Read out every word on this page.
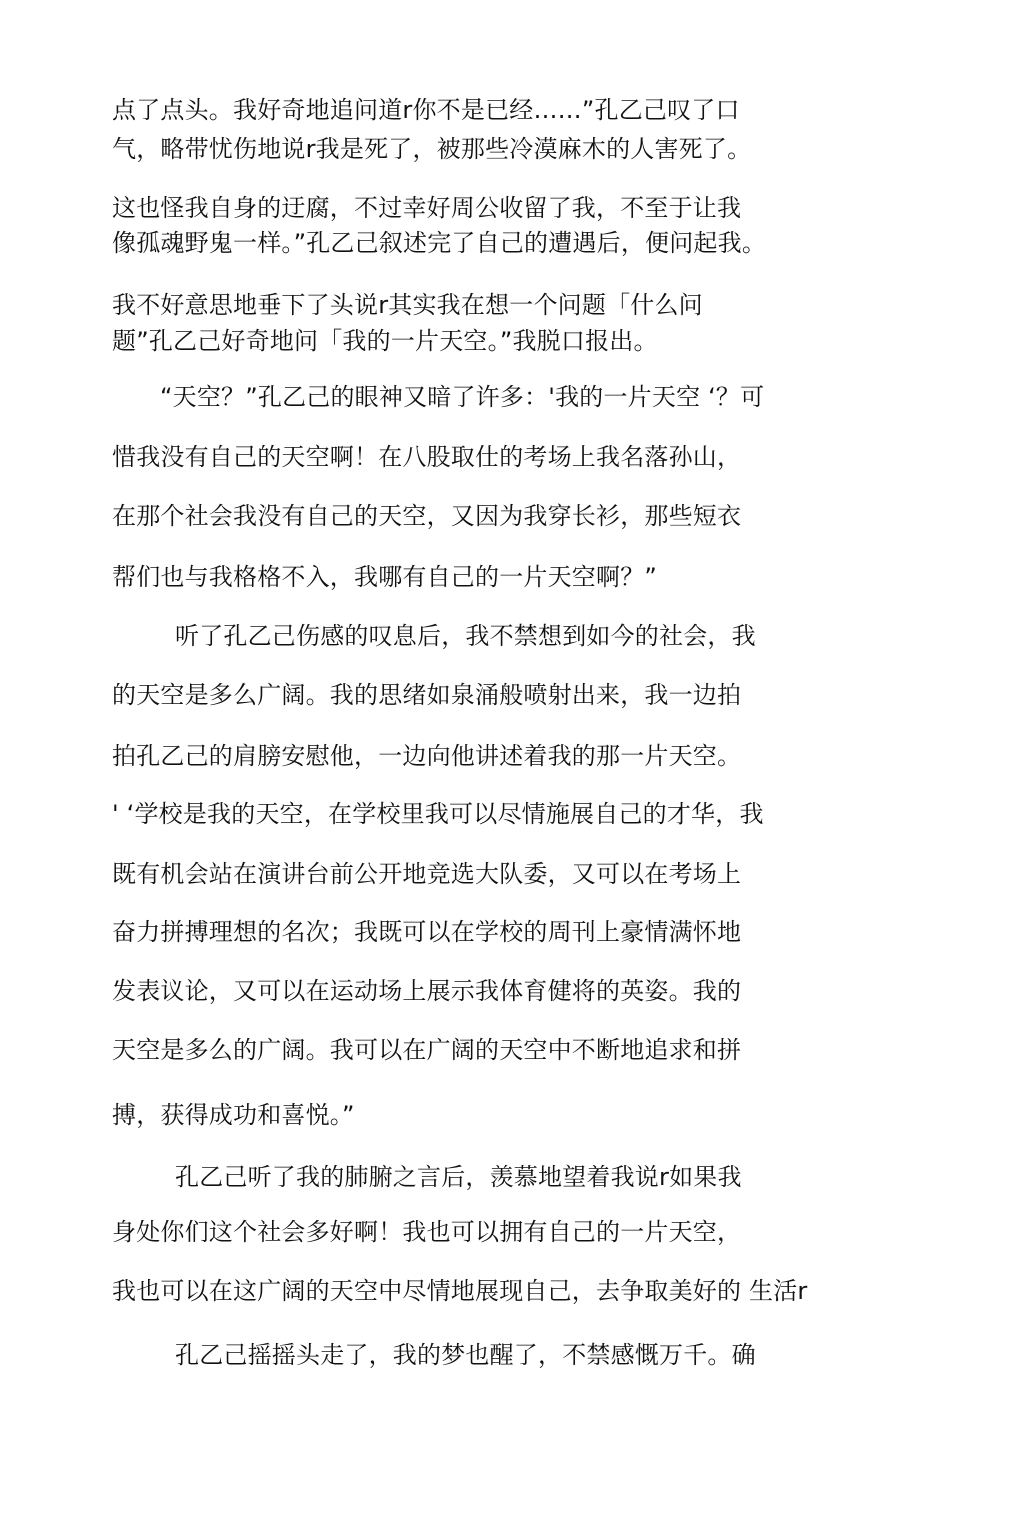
点了点头。我好奇地追问道r你不是已经……”孔乙己叹了口
气，略带忧伤地说r我是死了，被那些冷漠麻木的人害死了。
这也怪我自身的迂腐，不过幸好周公收留了我，不至于让我
像孤魂野鬼一样。”孔乙己叙述完了自己的遭遇后，便问起我。
我不好意思地垂下了头说r其实我在想一个问题「什么问
题”孔乙己好奇地问「我的一片天空。”我脱口报出。
“天空？”孔乙己的眼神又暗了许多：'我的一片天空 ‘？可
惜我没有自己的天空啊！在八股取仕的考场上我名落孙山，
在那个社会我没有自己的天空，又因为我穿长衫，那些短衣
帮们也与我格格不入，我哪有自己的一片天空啊？”
听了孔乙己伤感的叹息后，我不禁想到如今的社会，我
的天空是多么广阔。我的思绪如泉涌般喷射出来，我一边拍
拍孔乙己的肩膀安慰他，一边向他讲述着我的那一片天空。
' ‘学校是我的天空，在学校里我可以尽情施展自己的才华，我
既有机会站在演讲台前公开地竞选大队委，又可以在考场上
奋力拼搏理想的名次；我既可以在学校的周刊上豪情满怀地
发表议论，又可以在运动场上展示我体育健将的英姿。我的
天空是多么的广阔。我可以在广阔的天空中不断地追求和拼
搏，获得成功和喜悦。”
孔乙己听了我的肺腑之言后，羡慕地望着我说r如果我
身处你们这个社会多好啊！我也可以拥有自己的一片天空，
我也可以在这广阔的天空中尽情地展现自己，去争取美好的 生活r
孔乙己摇摇头走了，我的梦也醒了，不禁感慨万千。确
